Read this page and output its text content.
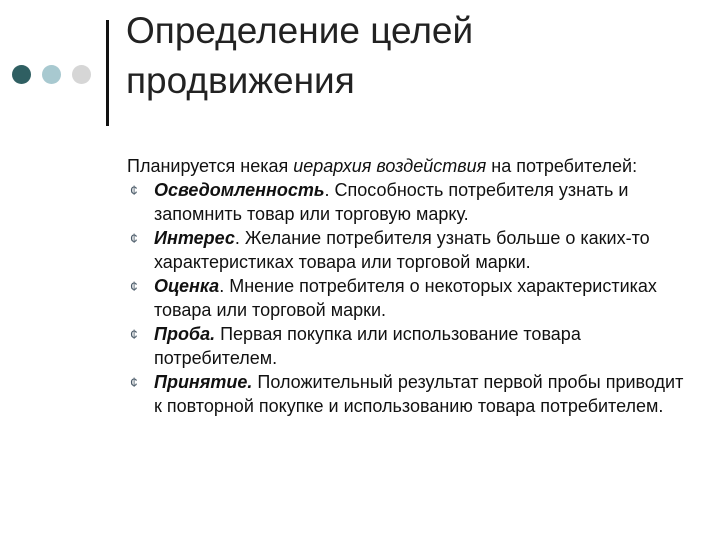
Определение целей
продвижения

Планируется некая иерархия воздействия на потребителей:

¢ Осведомленность. Способность потребителя узнать и запомнить товар или торговую марку.
¢ Интерес. Желание потребителя узнать больше о каких-то характеристиках товара или торговой марки.
¢ Оценка. Мнение потребителя о некоторых характеристиках товара или торговой марки.
¢ Проба. Первая покупка или использование товара потребителем.
¢ Принятие. Положительный результат первой пробы приводит к повторной покупке и использованию товара потребителем.
